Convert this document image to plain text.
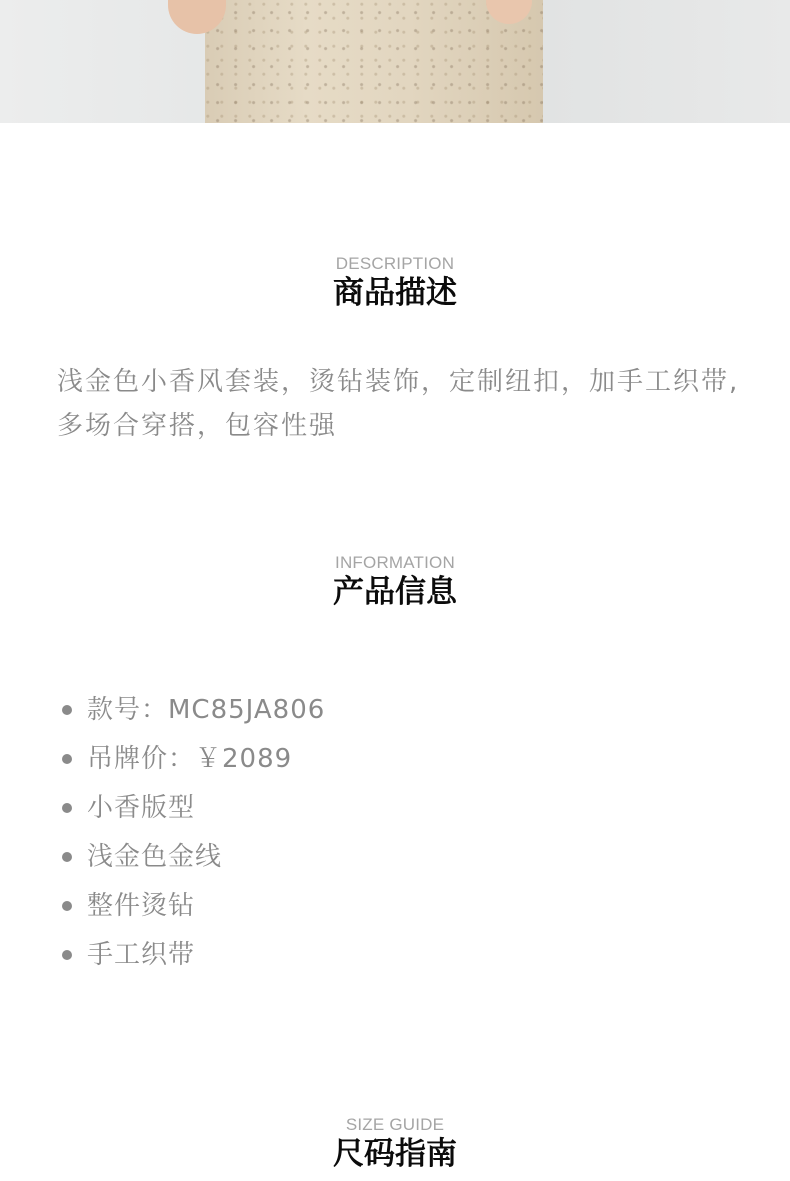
DESCRIPTION
商品描述
浅金色小香风套装，烫钻装饰，定制纽扣，加手工织带,多场合穿搭，包容性强
INFORMATION
产品信息
款号：MC85JA806
吊牌价：￥2089
小香版型
浅金色金线
整件烫钻
手工织带
SIZE GUIDE
尺码指南
